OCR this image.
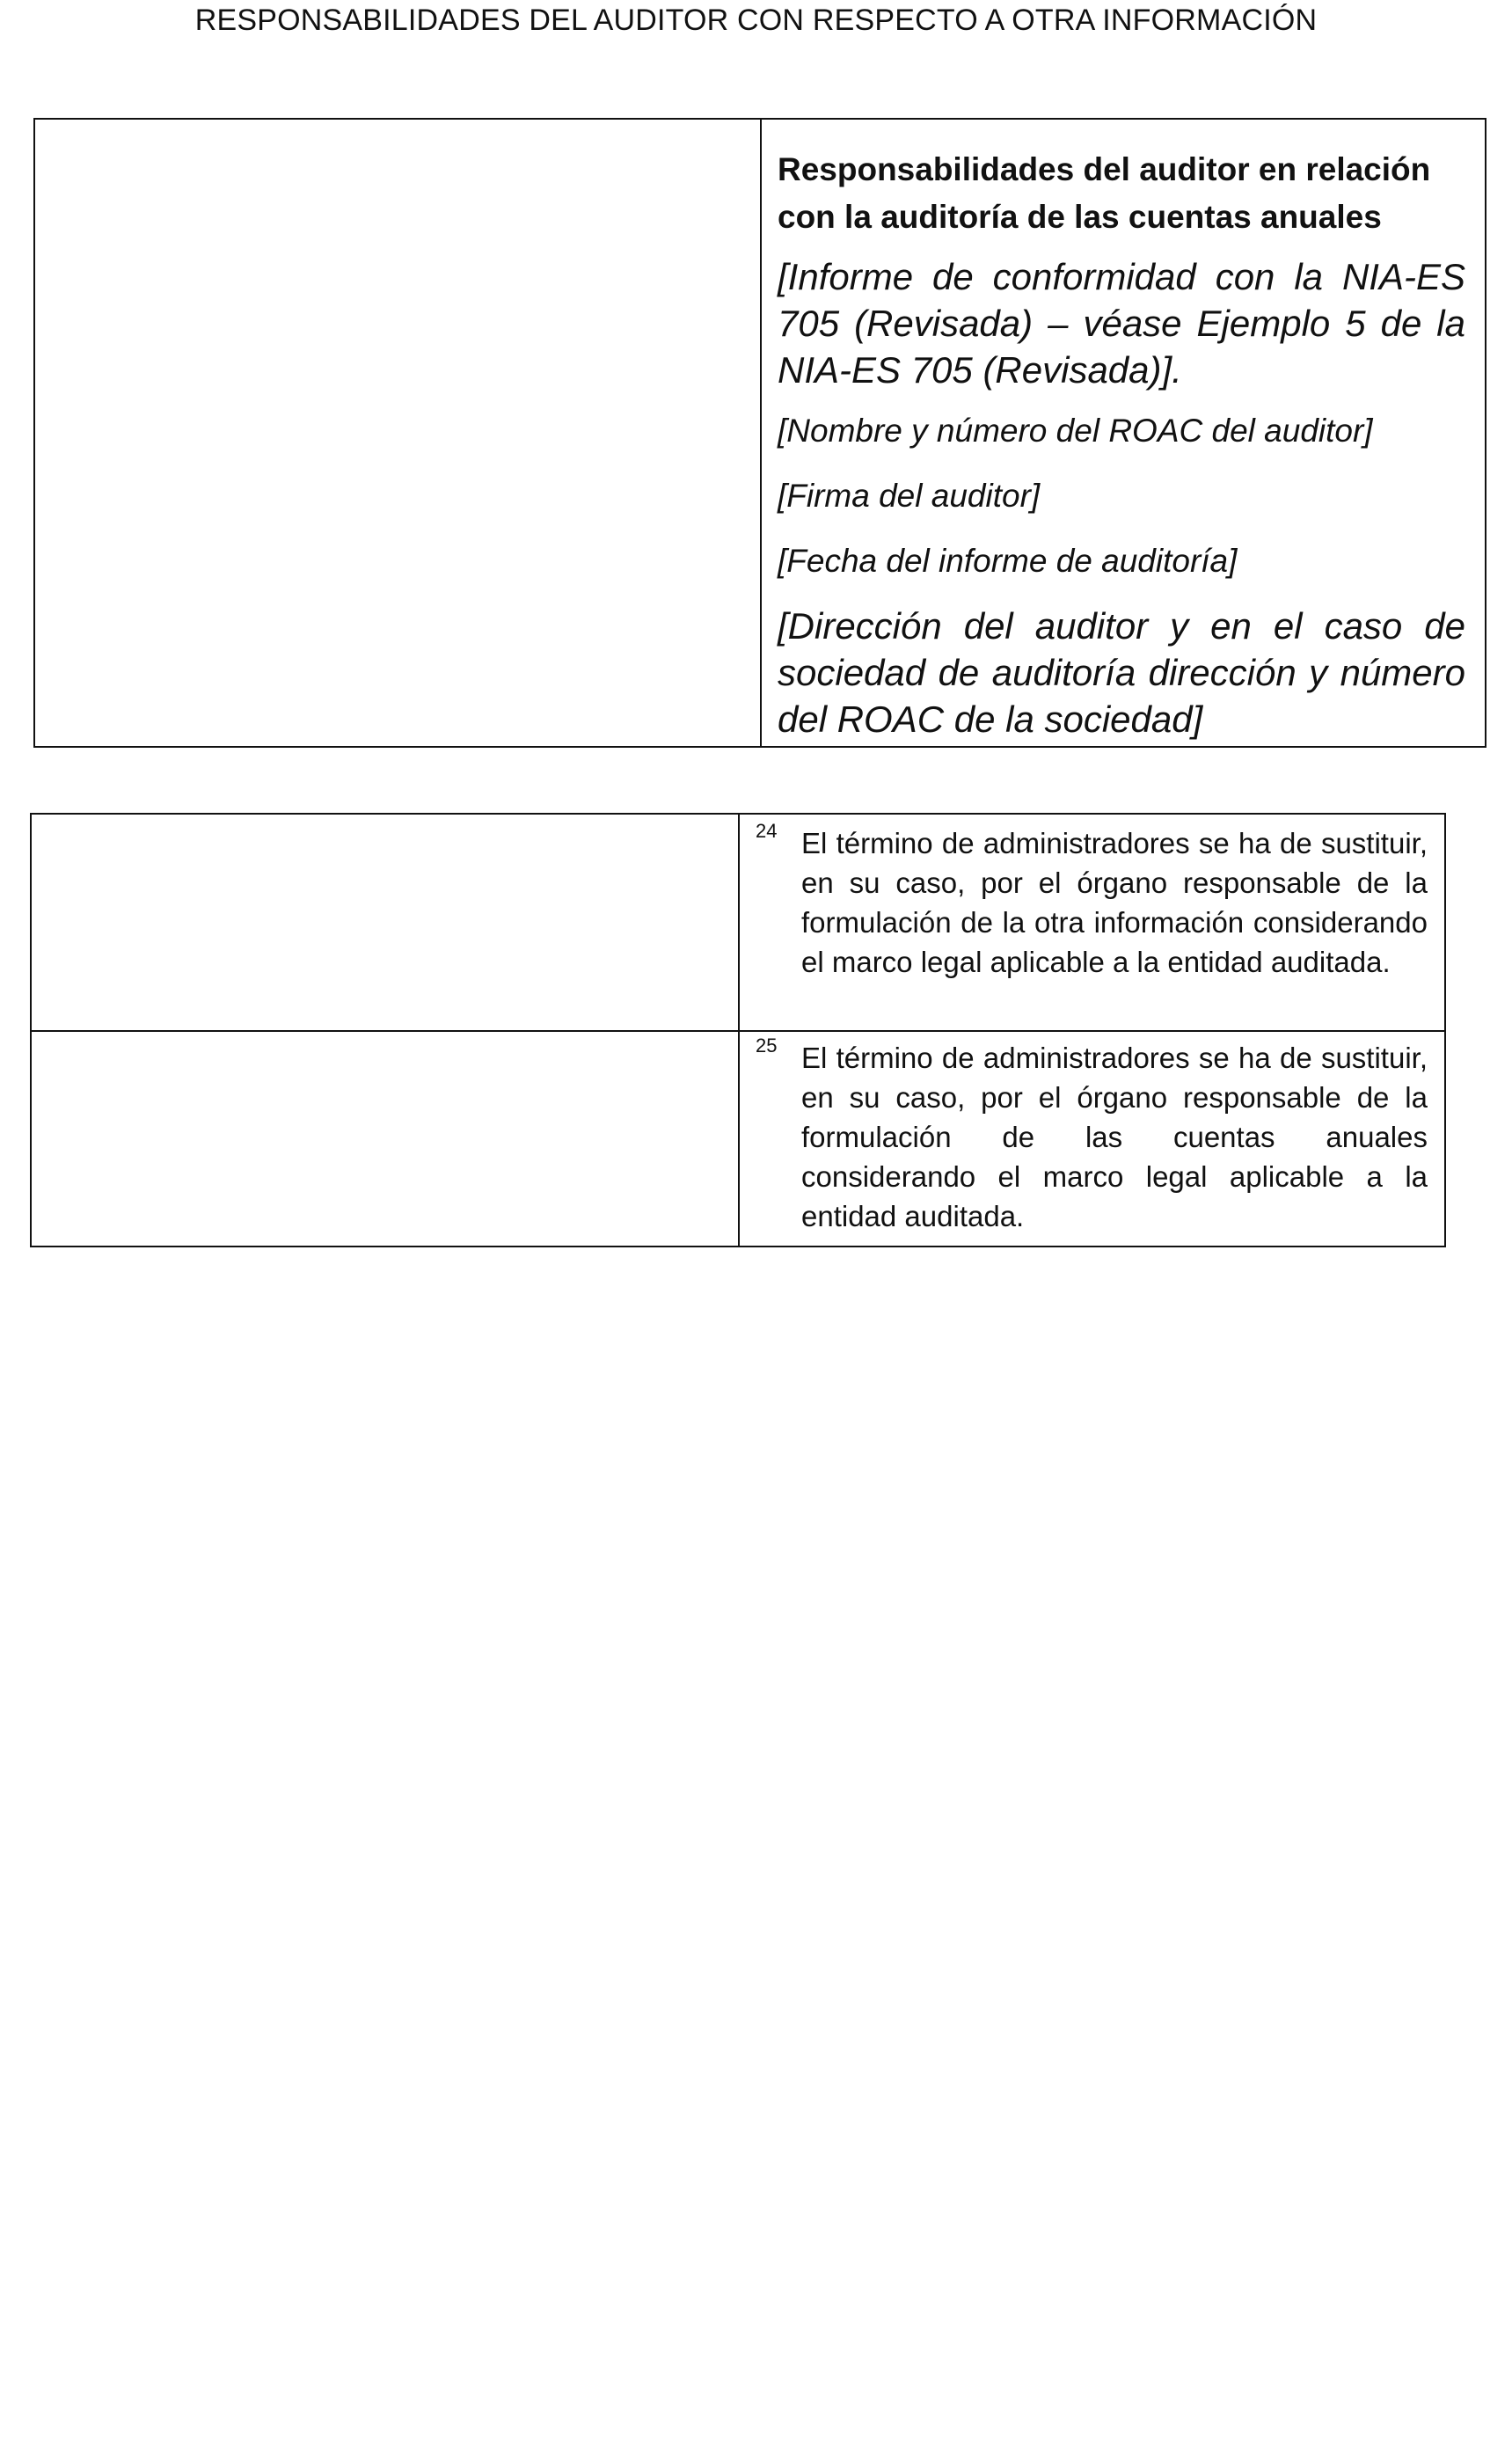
RESPONSABILIDADES DEL AUDITOR CON RESPECTO A OTRA INFORMACIÓN

Responsabilidades del auditor en relación con la auditoría de las cuentas anuales

[Informe de conformidad con la NIA-ES 705 (Revisada) – véase Ejemplo 5 de la NIA-ES 705 (Revisada)].

[Nombre y número del ROAC del auditor]

[Firma del auditor]

[Fecha del informe de auditoría]

[Dirección del auditor y en el caso de sociedad de auditoría dirección y número del ROAC de la sociedad]

24 El término de administradores se ha de sustituir, en su caso, por el órgano responsable de la formulación de la otra información considerando el marco legal aplicable a la entidad auditada.

25 El término de administradores se ha de sustituir, en su caso, por el órgano responsable de la formulación de las cuentas anuales considerando el marco legal aplicable a la entidad auditada.
